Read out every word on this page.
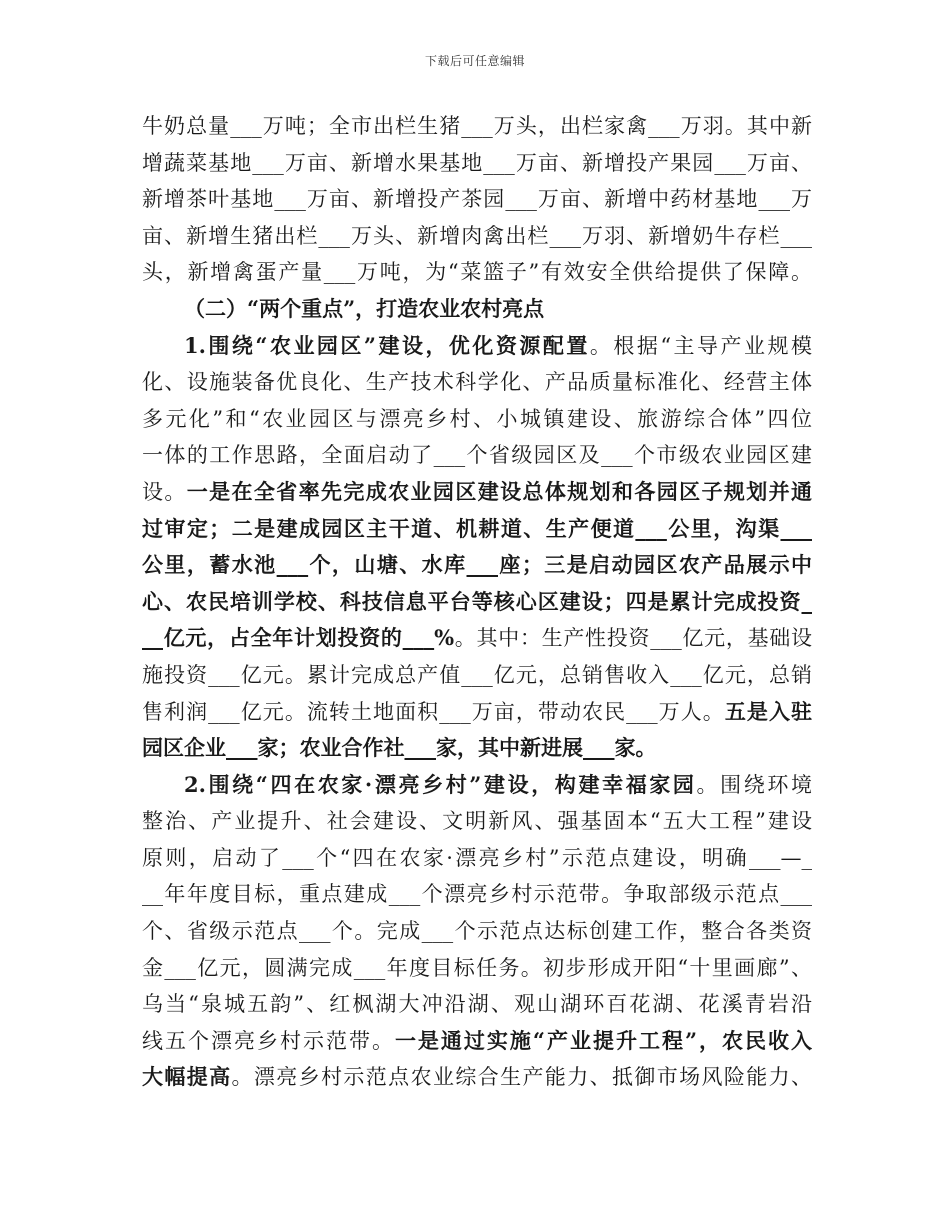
下载后可任意编辑
牛奶总量___万吨；全市出栏生猪___万头，出栏家禽___万羽。其中新
增蔬菜基地___万亩、新增水果基地___万亩、新增投产果园___万亩、
新增茶叶基地___万亩、新增投产茶园___万亩、新增中药材基地___万
亩、新增生猪出栏___万头、新增肉禽出栏___万羽、新增奶牛存栏___
头，新增禽蛋产量___万吨，为“菜篮子”有效安全供给提供了保障。
（二）“两个重点”，打造农业农村亮点
1.围绕“农业园区”建设，优化资源配置。根据“主导产业规模
化、设施装备优良化、生产技术科学化、产品质量标准化、经营主体
多元化”和“农业园区与漂亮乡村、小城镇建设、旅游综合体”四位
一体的工作思路，全面启动了___个省级园区及___个市级农业园区建
设。一是在全省率先完成农业园区建设总体规划和各园区子规划并通
过审定；二是建成园区主干道、机耕道、生产便道___公里，沟渠___
公里，蓄水池___个，山塘、水库___座；三是启动园区农产品展示中
心、农民培训学校、科技信息平台等核心区建设；四是累计完成投资_
__亿元，占全年计划投资的___%。其中：生产性投资___亿元，基础设
施投资___亿元。累计完成总产值___亿元，总销售收入___亿元，总销
售利润___亿元。流转土地面积___万亩，带动农民___万人。五是入驻
园区企业___家；农业合作社___家，其中新进展___家。
2.围绕“四在农家·漂亮乡村”建设，构建幸福家园。围绕环境
整治、产业提升、社会建设、文明新风、强基固本“五大工程”建设
原则，启动了___个“四在农家·漂亮乡村”示范点建设，明确___—_
__年年度目标，重点建成___个漂亮乡村示范带。争取部级示范点___
个、省级示范点___个。完成___个示范点达标创建工作，整合各类资
金___亿元，圆满完成___年度目标任务。初步形成开阳“十里画廊”、
乌当“泉城五韵”、红枫湖大冲沿湖、观山湖环百花湖、花溪青岩沿
线五个漂亮乡村示范带。一是通过实施“产业提升工程”，农民收入
大幅提高。漂亮乡村示范点农业综合生产能力、抵御市场风险能力、
